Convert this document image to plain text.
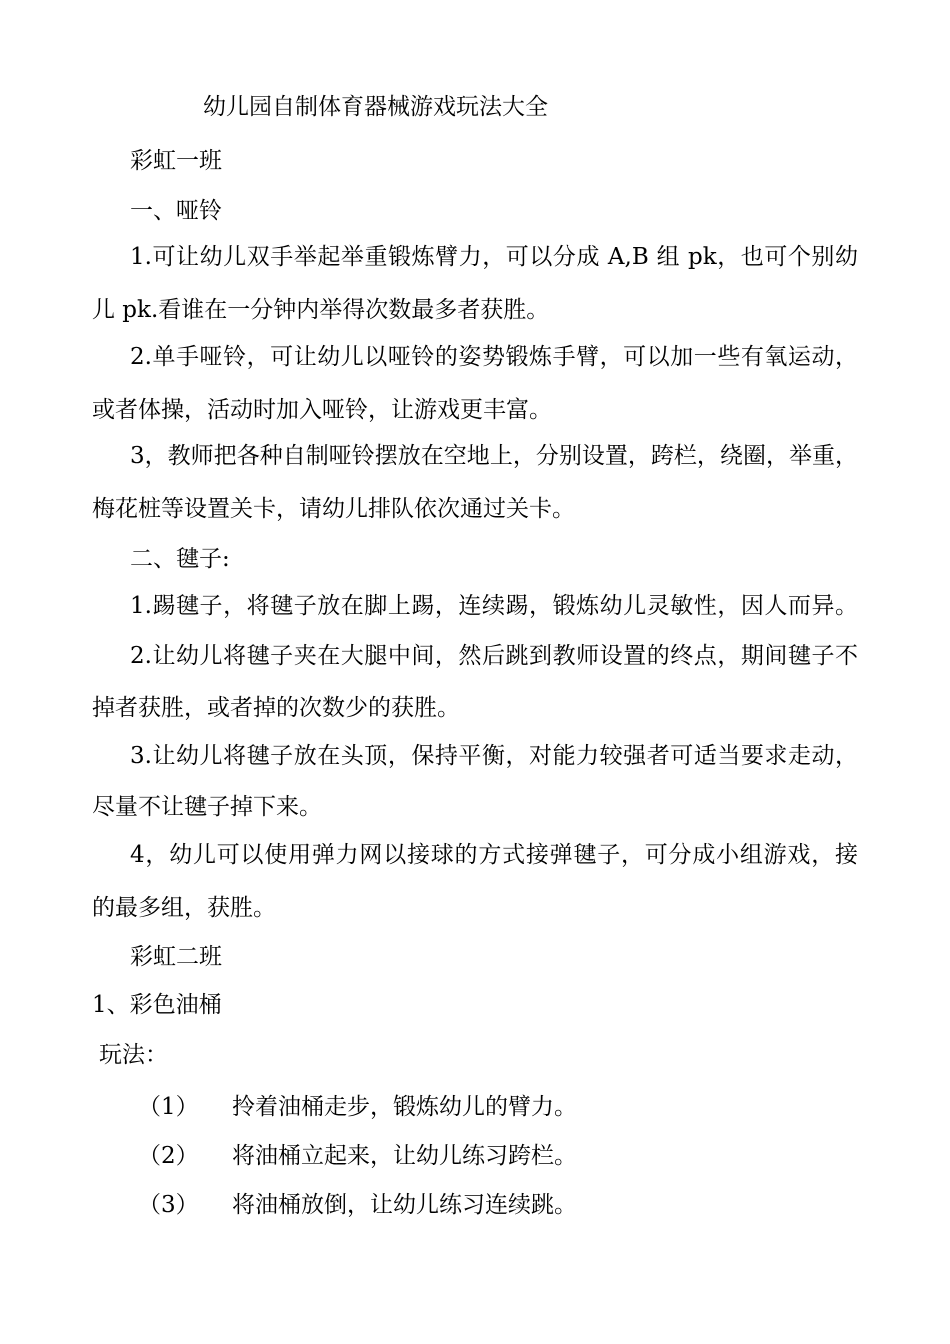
幼儿园自制体育器械游戏玩法大全
彩虹一班
一、哑铃
1.可让幼儿双手举起举重锻炼臂力，可以分成 A,B 组 pk，也可个别幼
儿 pk.看谁在一分钟内举得次数最多者获胜。
2.单手哑铃，可让幼儿以哑铃的姿势锻炼手臂，可以加一些有氧运动，
或者体操，活动时加入哑铃，让游戏更丰富。
3，教师把各种自制哑铃摆放在空地上，分别设置，跨栏，绕圈，举重，
梅花桩等设置关卡，请幼儿排队依次通过关卡。
二、毽子:
1.踢毽子，将毽子放在脚上踢，连续踢，锻炼幼儿灵敏性，因人而异。
2.让幼儿将毽子夹在大腿中间，然后跳到教师设置的终点，期间毽子不
掉者获胜，或者掉的次数少的获胜。
3.让幼儿将毽子放在头顶，保持平衡，对能力较强者可适当要求走动，
尽量不让毽子掉下来。
4，幼儿可以使用弹力网以接球的方式接弹毽子，可分成小组游戏，接
的最多组，获胜。
彩虹二班
1、彩色油桶
玩法：
（1） 拎着油桶走步，锻炼幼儿的臂力。
（2） 将油桶立起来，让幼儿练习跨栏。
（3） 将油桶放倒，让幼儿练习连续跳。
